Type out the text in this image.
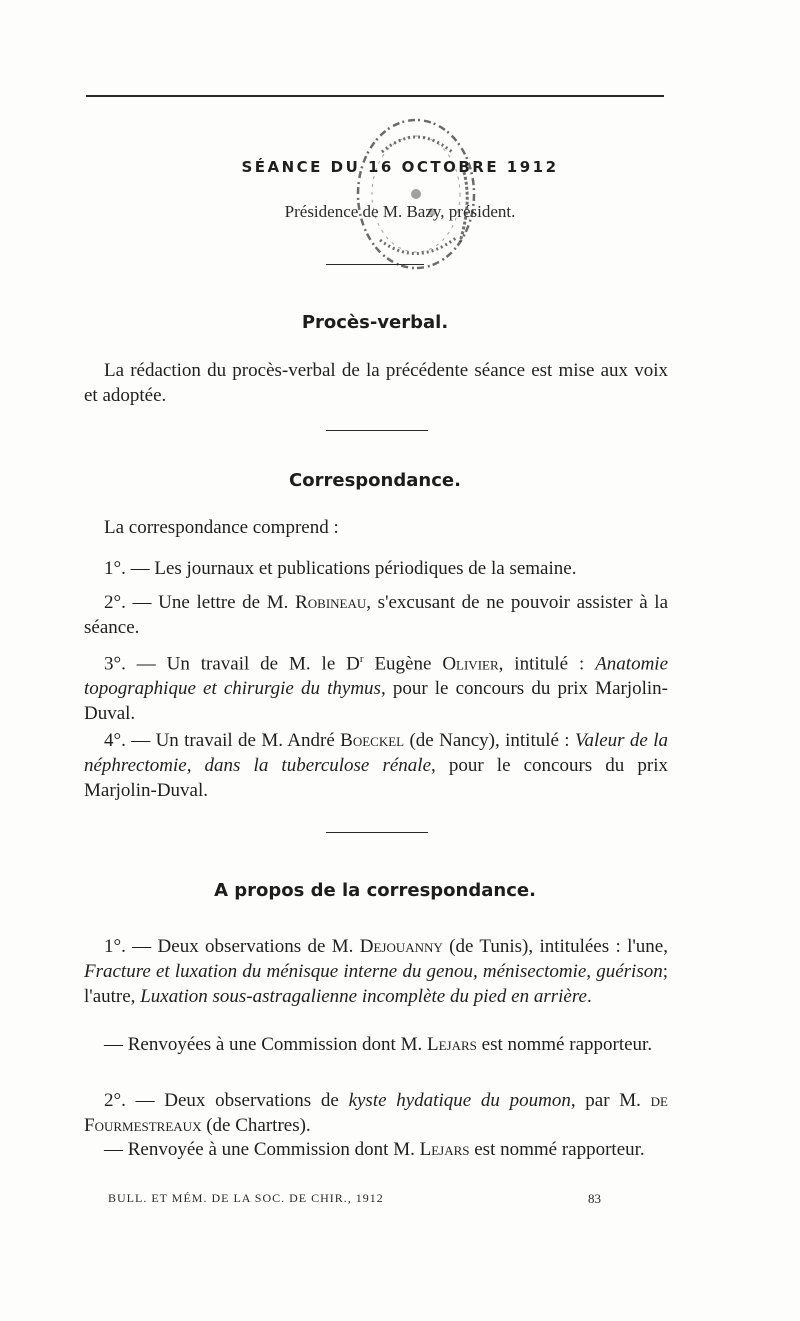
SÉANCE DU 16 OCTOBRE 1912
Présidence de M. Bazy, président.
Procès-verbal.
La rédaction du procès-verbal de la précédente séance est mise aux voix et adoptée.
Correspondance.
La correspondance comprend :
1°. — Les journaux et publications périodiques de la semaine.
2°. — Une lettre de M. Robineau, s'excusant de ne pouvoir assister à la séance.
3°. — Un travail de M. le $D^r$ Eugène Olivier, intitulé : Anatomie topographique et chirurgie du thymus, pour le concours du prix Marjolin-Duval.
4°. — Un travail de M. André Boeckel (de Nancy), intitulé : Valeur de la néphrectomie, dans la tuberculose rénale, pour le concours du prix Marjolin-Duval.
A propos de la correspondance.
1°. — Deux observations de M. Dejouanny (de Tunis), intitulées : l'une, Fracture et luxation du ménisque interne du genou, ménisectomie, guérison; l'autre, Luxation sous-astragalienne incomplète du pied en arrière.
— Renvoyées à une Commission dont M. Lejars est nommé rapporteur.
2°. — Deux observations de kyste hydatique du poumon, par M. de Fourmestreaux (de Chartres).
— Renvoyée à une Commission dont M. Lejars est nommé rapporteur.
BULL. ET MÉM. DE LA SOC. DE CHIR., 1912	83
